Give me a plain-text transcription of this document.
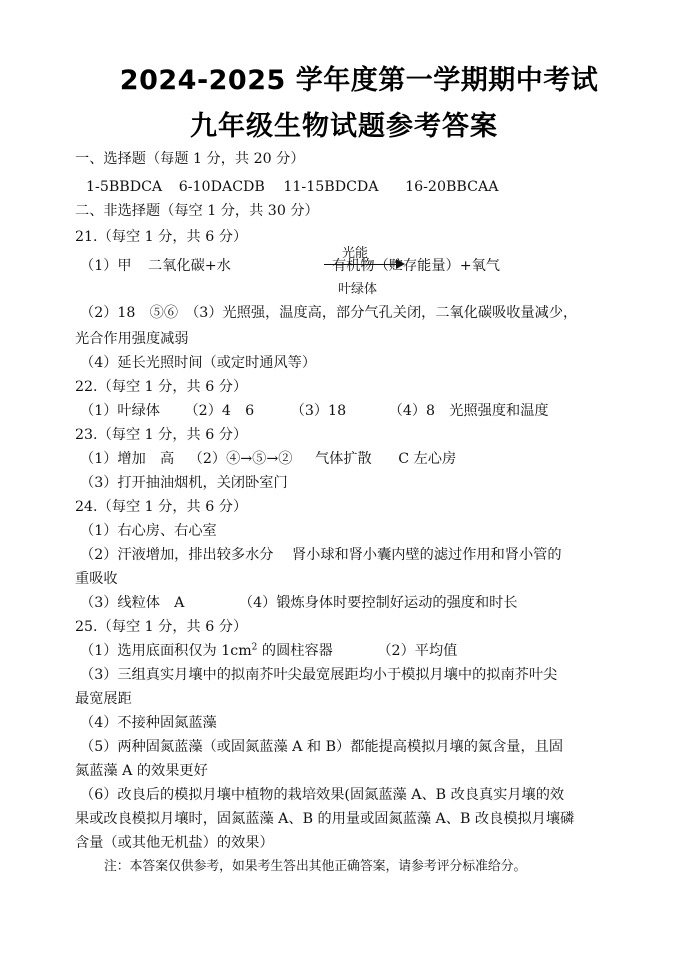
2024-2025 学年度第一学期期中考试
九年级生物试题参考答案
一、选择题（每题 1 分，共 20 分）
1-5BBDCA 6-10DACDB 11-15BDCDA 16-20BBCAA
二、非选择题（每空 1 分，共 30 分）
21.（每空 1 分，共 6 分）
（1）甲 二氧化碳+水
光能
叶绿体
有机物（贮存能量）+氧气
（2）18　⑤⑥　（3）光照强，温度高，部分气孔关闭，二氧化碳吸收量减少，
光合作用强度减弱
（4）延长光照时间（或定时通风等）
22.（每空 1 分，共 6 分）
（1）叶绿体 （2）4　6	（3）18	（4）8　光照强度和温度
23.（每空 1 分，共 6 分）
（1）增加　高 （2）④→⑤→② 气体扩散 C 左心房
（3）打开抽油烟机，关闭卧室门
24.（每空 1 分，共 6 分）
（1）右心房、右心室
（2）汗液增加，排出较多水分 肾小球和肾小囊内壁的滤过作用和肾小管的
重吸收
（3）线粒体　A	（4）锻炼身体时要控制好运动的强度和时长
25.（每空 1 分，共 6 分）
（1）选用底面积仅为 $1cm^2$ 的圆柱容器	（2）平均值
（3）三组真实月壤中的拟南芥叶尖最宽展距均小于模拟月壤中的拟南芥叶尖
最宽展距
（4）不接种固氮蓝藻
（5）两种固氮蓝藻（或固氮蓝藻 A 和 B）都能提高模拟月壤的氮含量，且固
氮蓝藻 A 的效果更好
（6）改良后的模拟月壤中植物的栽培效果(固氮蓝藻 A、B 改良真实月壤的效
果或改良模拟月壤时，固氮蓝藻 A、B 的用量或固氮蓝藻 A、B 改良模拟月壤磷
含量（或其他无机盐）的效果）
注：本答案仅供参考，如果考生答出其他正确答案，请参考评分标准给分。
